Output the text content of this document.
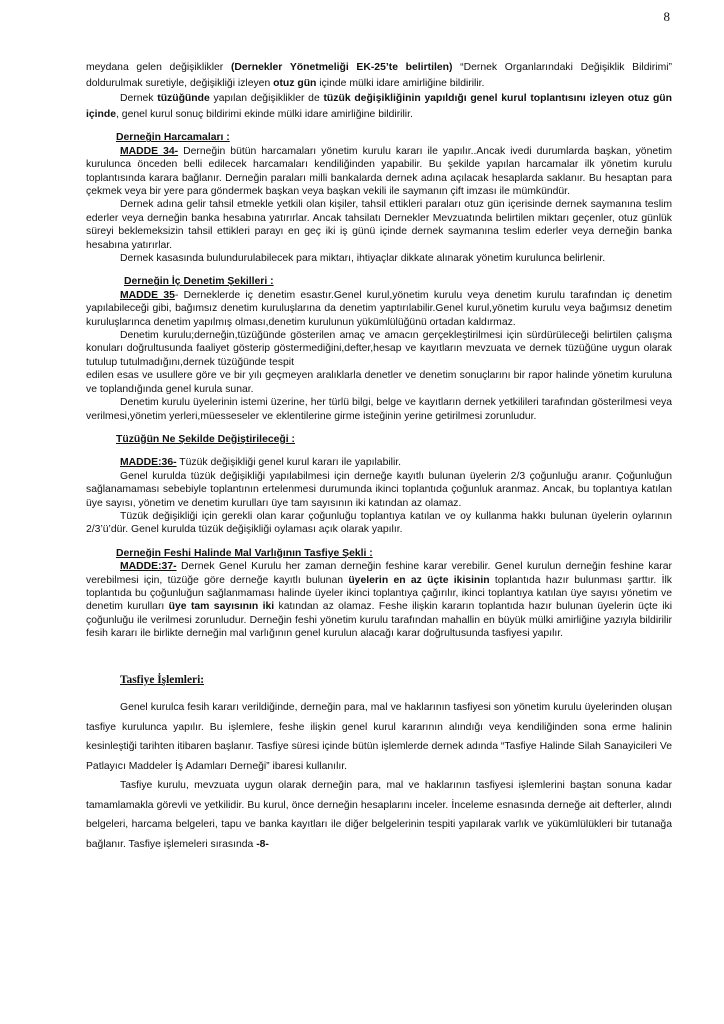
8

meydana gelen değişiklikler (Dernekler Yönetmeliği EK-25’te belirtilen) “Dernek Organlarındaki Değişiklik Bildirimi” doldurulmak suretiyle, değişikliği izleyen otuz gün içinde mülki idare amirliğine bildirilir.

Dernek tüzüğünde yapılan değişiklikler de tüzük değişikliğinin yapıldığı genel kurul toplantısını izleyen otuz gün içinde, genel kurul sonuç bildirimi ekinde mülki idare amirliğine bildirilir.

Derneğin Harcamaları :

MADDE 34- Derneğin bütün harcamaları yönetim kurulu kararı ile yapılır..Ancak ivedi durumlarda başkan, yönetim kurulunca önceden belli edilecek harcamaları kendiliğinden yapabilir. Bu şekilde yapılan harcamalar ilk yönetim kurulu toplantısında karara bağlanır. Derneğin paraları milli bankalarda dernek adına açılacak hesaplarda saklanır. Bu hesaptan para çekmek veya bir yere para göndermek başkan veya başkan vekili ile saymanın çift imzası ile mümkündür.

Dernek adına gelir tahsil etmekle yetkili olan kişiler, tahsil ettikleri paraları otuz gün içerisinde dernek saymanına teslim ederler veya derneğin banka hesabına yatırırlar. Ancak tahsilatı Dernekler Mevzuatında belirtilen miktarı geçenler, otuz günlük süreyi beklemeksizin tahsil ettikleri parayı en geç iki iş günü içinde dernek saymanına teslim ederler veya derneğin banka hesabına yatırırlar.

Dernek kasasında bulundurulabilecek para miktarı, ihtiyaçlar dikkate alınarak yönetim kurulunca belirlenir.

Derneğin İç Denetim Şekilleri :

MADDE 35- Derneklerde iç denetim esastır.Genel kurul,yönetim kurulu veya denetim kurulu tarafından iç denetim yapılabileceği gibi, bağımsız denetim kuruluşlarına da denetim yaptırılabilir.Genel kurul,yönetim kurulu veya bağımsız denetim kuruluşlarınca denetim yapılmış olması,denetim kurulunun yükümlülüğünü ortadan kaldırmaz.

Denetim kurulu;derneğin,tüzüğünde gösterilen amaç ve amacın gerçekleştirilmesi için sürdürüleceği belirtilen çalışma konuları doğrultusunda faaliyet gösterip göstermediğini,defter,hesap ve kayıtların mevzuata ve dernek tüzüğüne uygun olarak tutulup tutulmadığını,dernek tüzüğünde tespit

edilen esas ve usullere göre ve bir yılı geçmeyen aralıklarla denetler ve denetim sonuçlarını bir rapor halinde yönetim kuruluna ve toplandığında genel kurula sunar.

Denetim kurulu üyelerinin istemi üzerine, her türlü bilgi, belge ve kayıtların dernek yetkilileri tarafından gösterilmesi veya verilmesi,yönetim yerleri,müesseseler ve eklentilerine girme isteğinin yerine getirilmesi zorunludur.

Tüzüğün Ne Şekilde Değiştirileceği :

MADDE:36- Tüzük değişikliği genel kurul kararı ile yapılabilir.

Genel kurulda tüzük değişikliği yapılabilmesi için derneğe kayıtlı bulunan üyelerin 2/3 çoğunluğu aranır. Çoğunluğun sağlanamaması sebebiyle toplantının ertelenmesi durumunda ikinci toplantıda çoğunluk aranmaz. Ancak, bu toplantıya katılan üye sayısı, yönetim ve denetim kurulları üye tam sayısının iki katından az olamaz.

Tüzük değişikliği için gerekli olan karar çoğunluğu toplantıya katılan ve oy kullanma hakkı bulunan üyelerin oylarının 2/3’ü’dür. Genel kurulda tüzük değişikliği oylaması açık olarak yapılır.

Derneğin Feshi Halinde Mal Varlığının Tasfiye Şekli :

MADDE:37- Dernek Genel Kurulu her zaman derneğin feshine karar verebilir. Genel kurulun derneğin feshine karar verebilmesi için, tüzüğe göre derneğe kayıtlı bulunan üyelerin en az üçte ikisinin toplantıda hazır bulunması şarttır. İlk toplantıda bu çoğunluğun sağlanmaması halinde üyeler ikinci toplantıya çağırılır, ikinci toplantıya katılan üye sayısı yönetim ve denetim kurulları üye tam sayısının iki katından az olamaz. Feshe ilişkin kararın toplantıda hazır bulunan üyelerin üçte iki çoğunluğu ile verilmesi zorunludur. Derneğin feshi yönetim kurulu tarafından mahallin en büyük mülki amirliğine yazıyla bildirilir fesih kararı ile birlikte derneğin mal varlığının genel kurulun alacağı karar doğrultusunda tasfiyesi yapılır.

Tasfiye İşlemleri:

Genel kurulca fesih kararı verildiğinde, derneğin para, mal ve haklarının tasfiyesi son yönetim kurulu üyelerinden oluşan tasfiye kurulunca yapılır. Bu işlemlere, feshe ilişkin genel kurul kararının alındığı veya kendiliğinden sona erme halinin kesinleştiği tarihten itibaren başlanır. Tasfiye süresi içinde bütün işlemlerde dernek adında “Tasfiye Halinde Silah Sanayicileri Ve Patlayıcı Maddeler İş Adamları Derneği” ibaresi kullanılır.

Tasfiye kurulu, mevzuata uygun olarak derneğin para, mal ve haklarının tasfiyesi işlemlerini baştan sonuna kadar tamamlamakla görevli ve yetkilidir. Bu kurul, önce derneğin hesaplarını inceler. İnceleme esnasında derneğe ait defterler, alındı belgeleri, harcama belgeleri, tapu ve banka kayıtları ile diğer belgelerinin tespiti yapılarak varlık ve yükümlülükleri bir tutanağa bağlanır. Tasfiye işlemeleri sırasında -8-
